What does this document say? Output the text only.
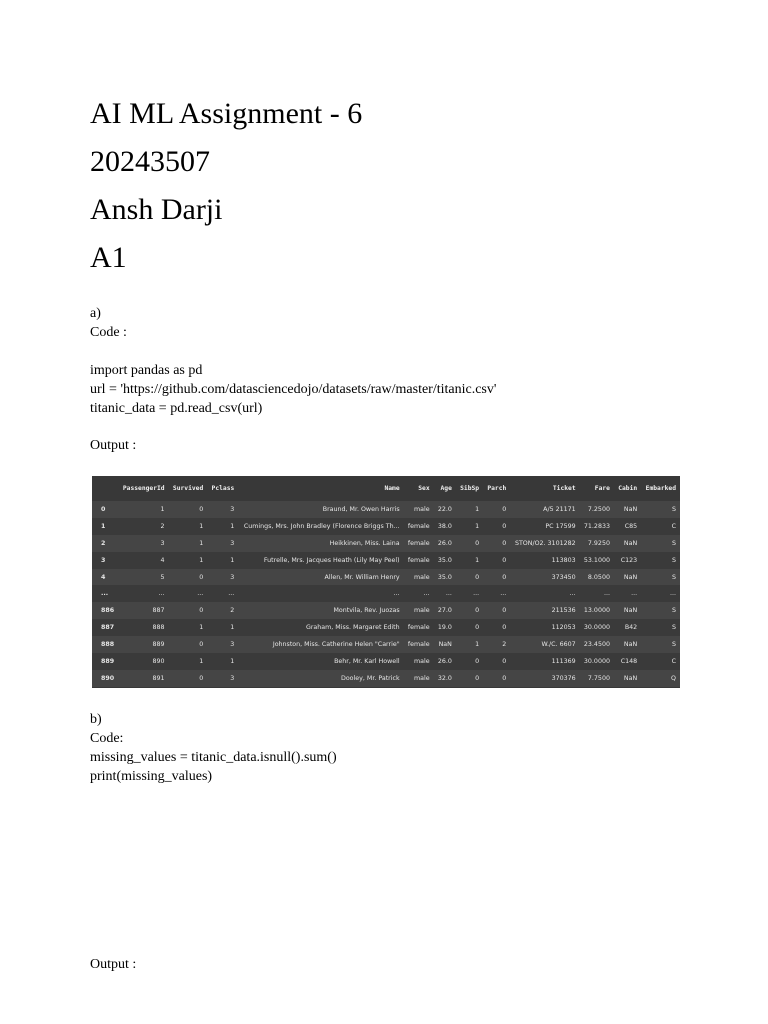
AI ML Assignment - 6
20243507
Ansh Darji
A1
a)
Code :

import pandas as pd
url = 'https://github.com/datasciencedojo/datasets/raw/master/titanic.csv'
titanic_data = pd.read_csv(url)
Output :
b)
Code:
missing_values = titanic_data.isnull().sum()
print(missing_values)
Output :
	PassengerId	Survived	Pclass	Name	Sex	Age	SibSp	Parch	Ticket	Fare	Cabin	Embarked
0	1	0	3	Braund, Mr. Owen Harris	male	22.0	1	0	A/5 21171	7.2500	NaN	S
1	2	1	1	Cumings, Mrs. John Bradley (Florence Briggs Th...	female	38.0	1	0	PC 17599	71.2833	C85	C
2	3	1	3	Heikkinen, Miss. Laina	female	26.0	0	0	STON/O2. 3101282	7.9250	NaN	S
3	4	1	1	Futrelle, Mrs. Jacques Heath (Lily May Peel)	female	35.0	1	0	113803	53.1000	C123	S
4	5	0	3	Allen, Mr. William Henry	male	35.0	0	0	373450	8.0500	NaN	S
...	...	...	...	...	...	...	...	...	...	...	...	...
886	887	0	2	Montvila, Rev. Juozas	male	27.0	0	0	211536	13.0000	NaN	S
887	888	1	1	Graham, Miss. Margaret Edith	female	19.0	0	0	112053	30.0000	B42	S
888	889	0	3	Johnston, Miss. Catherine Helen "Carrie"	female	NaN	1	2	W./C. 6607	23.4500	NaN	S
889	890	1	1	Behr, Mr. Karl Howell	male	26.0	0	0	111369	30.0000	C148	C
890	891	0	3	Dooley, Mr. Patrick	male	32.0	0	0	370376	7.7500	NaN	Q
